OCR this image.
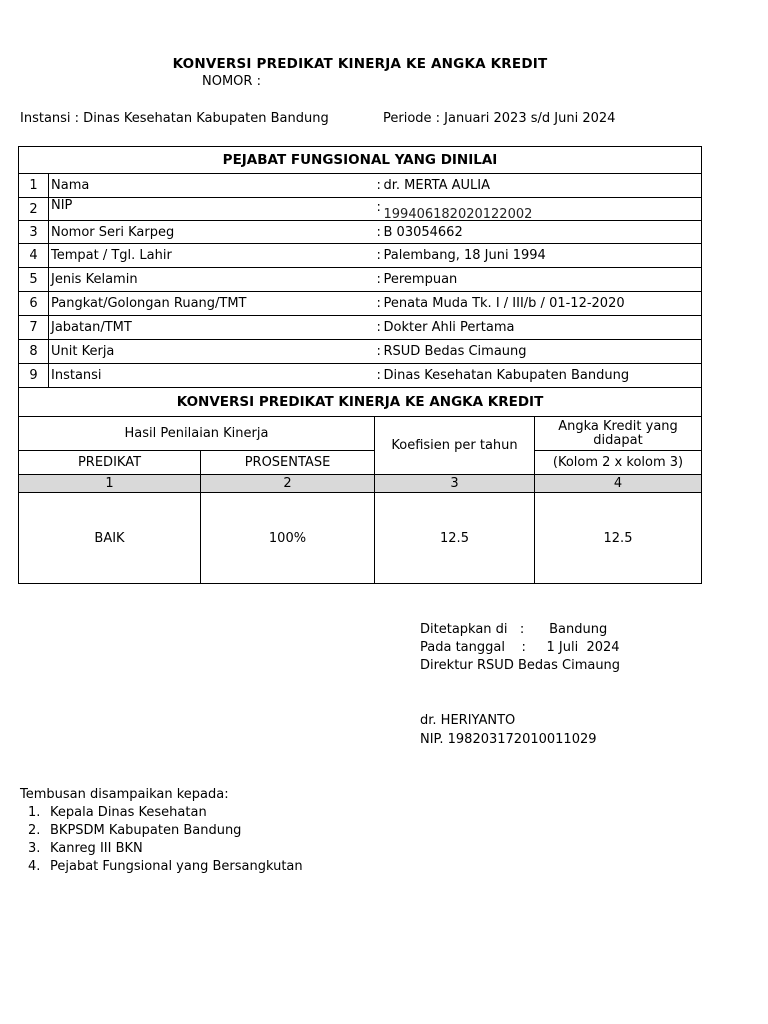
KONVERSI PREDIKAT KINERJA KE ANGKA KREDIT
NOMOR :
Instansi : Dinas Kesehatan Kabupaten Bandung	Periode : Januari 2023 s/d Juni 2024
PEJABAT FUNGSIONAL YANG DINILAI				
1	Nama		: dr. MERTA AULIA	
2	NIP		: 199406182020122002	
3	Nomor Seri Karpeg		: B 03054662	
4	Tempat / Tgl. Lahir		: Palembang, 18 Juni 1994	
5	Jenis Kelamin		: Perempuan	
6	Pangkat/Golongan Ruang/TMT		: Penata Muda Tk. I / III/b / 01-12-2020	
7	Jabatan/TMT		: Dokter Ahli Pertama	
8	Unit Kerja		: RSUD Bedas Cimaung	
9	Instansi		: Dinas Kesehatan Kabupaten Bandung	
KONVERSI PREDIKAT KINERJA KE ANGKA KREDIT				
Hasil Penilaian Kinerja			Koefisien per tahun	Angka Kredit yang didapat
PREDIKAT		PROSENTASE		(Kolom 2 x kolom 3)
1		2	3	4
BAIK		100%	12.5	12.5
Ditetapkan di   :      Bandung
Pada tanggal    :     1 Juli  2024
Direktur RSUD Bedas Cimaung
dr. HERIYANTO
NIP. 198203172010011029
Tembusan disampaikan kepada:
1. Kepala Dinas Kesehatan
2. BKPSDM Kabupaten Bandung
3. Kanreg III BKN
4. Pejabat Fungsional yang Bersangkutan
